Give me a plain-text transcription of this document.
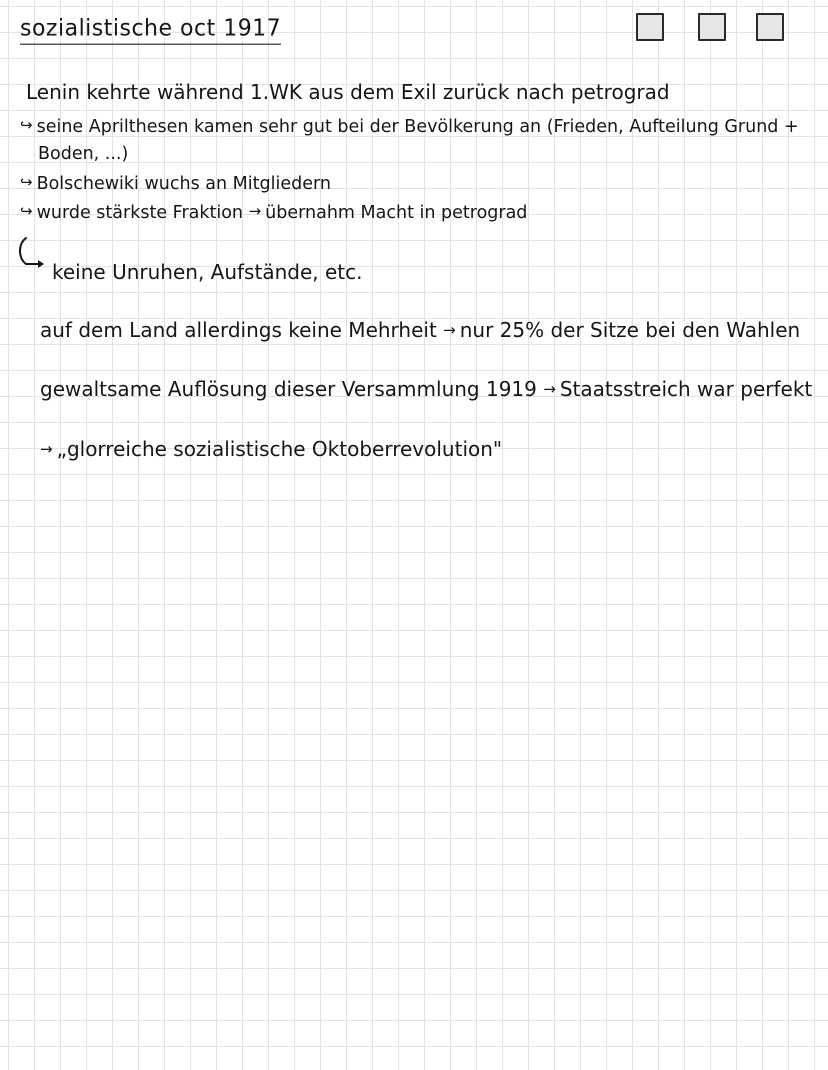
sozialistische oct 1917
Lenin kehrte während 1.WK aus dem Exil zurück nach petrograd
↪ seine Aprilthesen kamen sehr gut bei der Bevölkerung an (Frieden, Aufteilung Grund +
Boden, ...)
↪ Bolschewiki wuchs an Mitgliedern
↪ wurde stärkste Fraktion → übernahm Macht in petrograd
keine Unruhen, Aufstände, etc.
auf dem Land allerdings keine Mehrheit → nur 25% der Sitze bei den Wahlen
gewaltsame Auflösung dieser Versammlung 1919 → Staatsstreich war perfekt
→ „glorreiche sozialistische Oktoberrevolution"
